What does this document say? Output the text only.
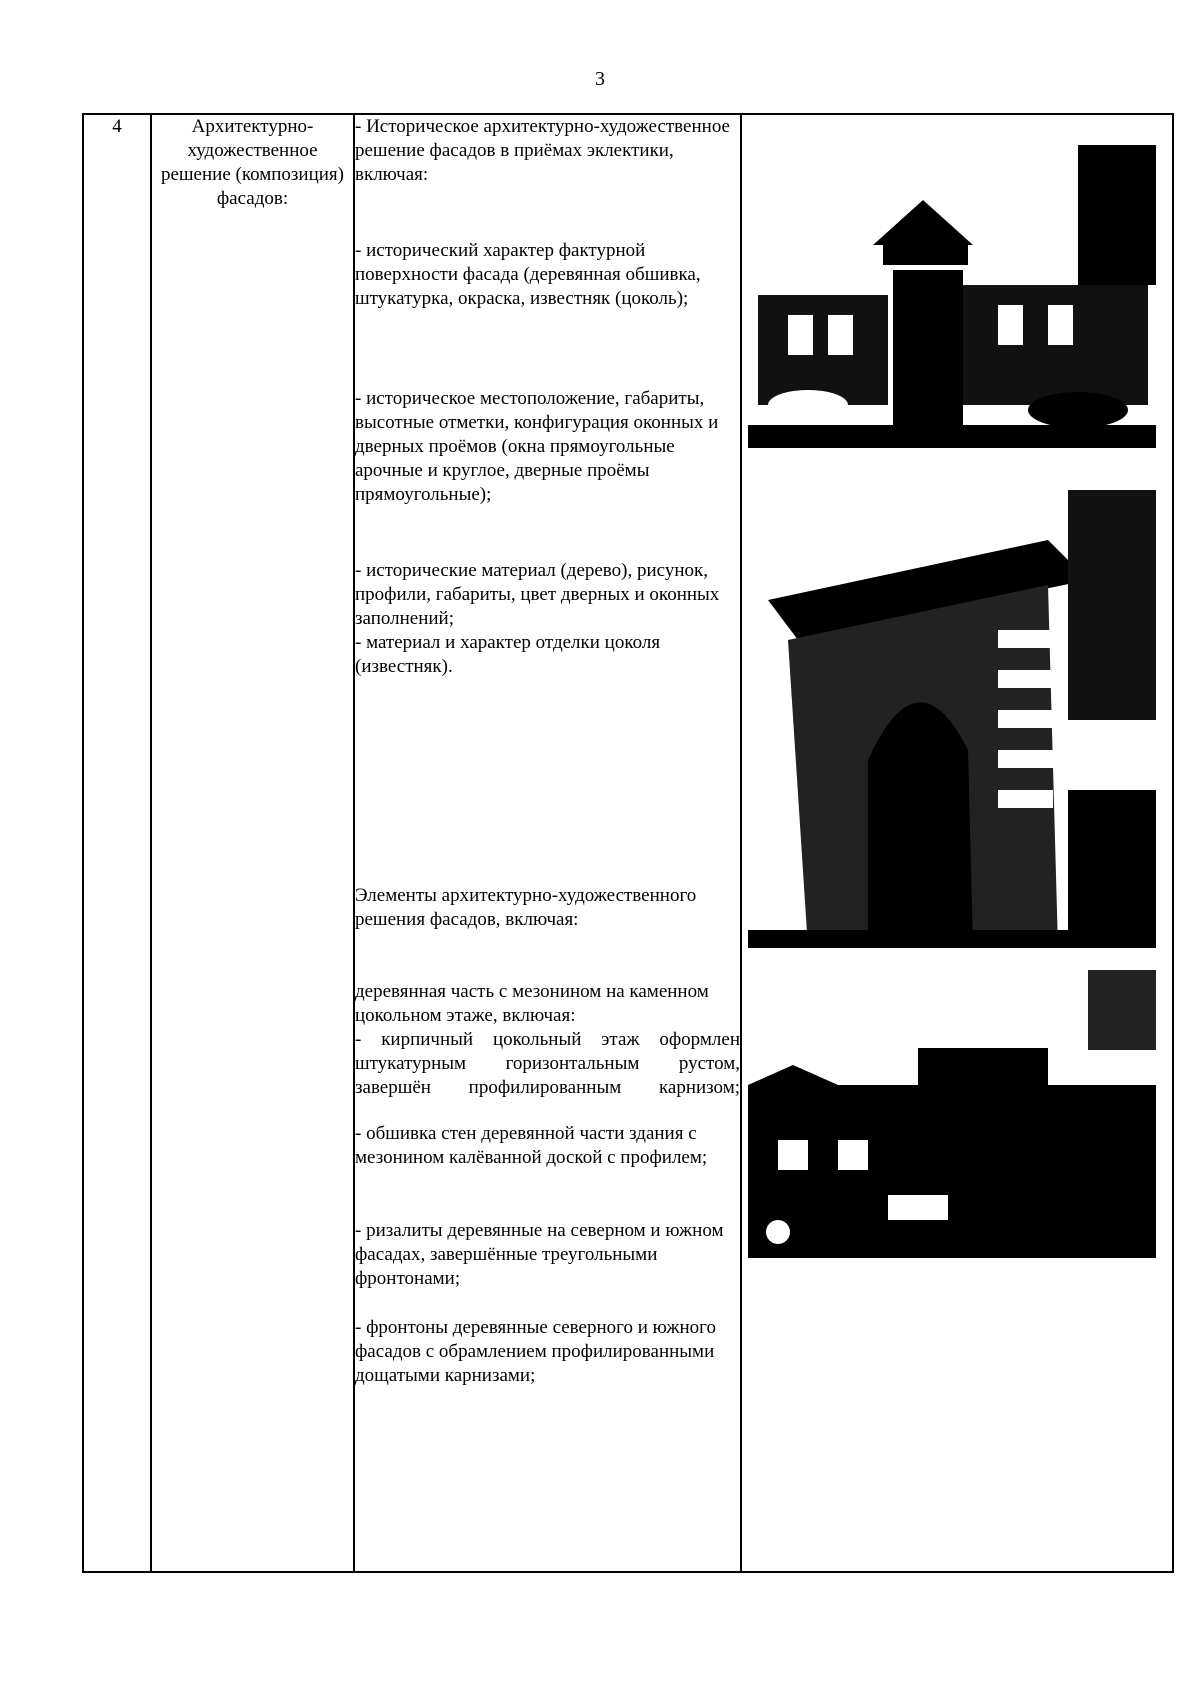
3
4	Архитектурно-художественное решение (композиция) фасадов:	

- Историческое архитектурно-художественное решение фасадов в приёмах эклектики, включая:

- исторический характер фактурной поверхности фасада (деревянная обшивка, штукатурка, окраска, известняк (цоколь);

- историческое местоположение, габариты, высотные отметки, конфигурация оконных и дверных проёмов (окна прямоугольные арочные и круглое, дверные проёмы прямоугольные);

- исторические материал (дерево), рисунок, профили, габариты, цвет дверных и оконных заполнений;

- материал и характер отделки цоколя (известняк).

Элементы архитектурно-художественного решения фасадов, включая:

деревянная часть с мезонином на каменном цокольном этаже, включая:

- кирпичный цокольный этаж оформлен штукатурным горизонтальным рустом, завершён профилированным карнизом;

- обшивка стен деревянной части здания с мезонином калёванной доской с профилем;

- ризалиты деревянные на северном и южном фасадах, завершённые треугольными фронтонами;

- фронтоны деревянные северного и южного фасадов с обрамлением профилированными дощатыми карнизами;
